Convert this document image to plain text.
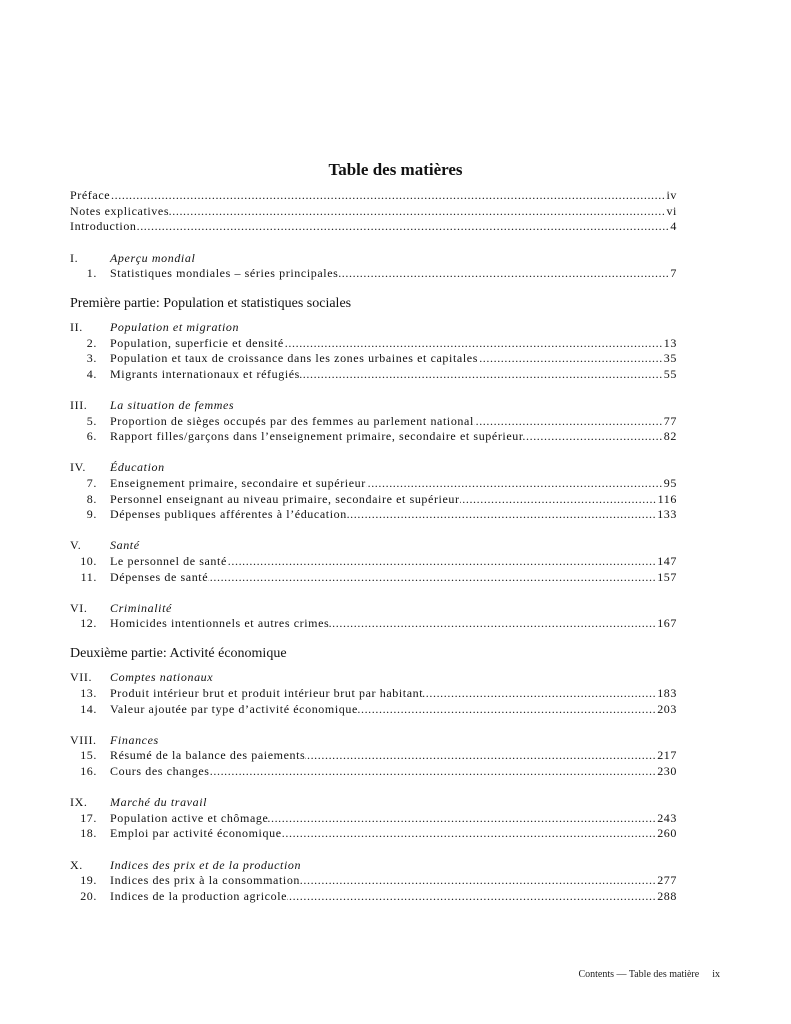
Table des matières
Préface .....	iv
Notes explicatives .....	vi
Introduction .....	4
I.	Aperçu mondial
1. Statistiques mondiales – séries principales .....	7
Première partie: Population et statistiques sociales
II.	Population et migration
2. Population, superficie et densité .....	13
3. Population et taux de croissance dans les zones urbaines et capitales .....	35
4. Migrants internationaux et réfugiés .....	55
III.	La situation de femmes
5. Proportion de sièges occupés par des femmes au parlement national .....	77
6. Rapport filles/garçons dans l’enseignement primaire, secondaire et supérieur .....	82
IV.	Éducation
7. Enseignement primaire, secondaire et supérieur .....	95
8. Personnel enseignant au niveau primaire, secondaire et supérieur .....	116
9. Dépenses publiques afférentes à l’éducation .....	133
V.	Santé
10. Le personnel de santé .....	147
11. Dépenses de santé .....	157
VI.	Criminalité
12. Homicides intentionnels et autres crimes .....	167
Deuxième partie: Activité économique
VII.	Comptes nationaux
13. Produit intérieur brut et produit intérieur brut par habitant .....	183
14. Valeur ajoutée par type d’activité économique .....	203
VIII.	Finances
15. Résumé de la balance des paiements .....	217
16. Cours des changes .....	230
IX.	Marché du travail
17. Population active et chômage .....	243
18. Emploi par activité économique .....	260
X.	Indices des prix et de la production
19. Indices des prix à la consommation .....	277
20. Indices de la production agricole .....	288
Contents — Table des matière ix
